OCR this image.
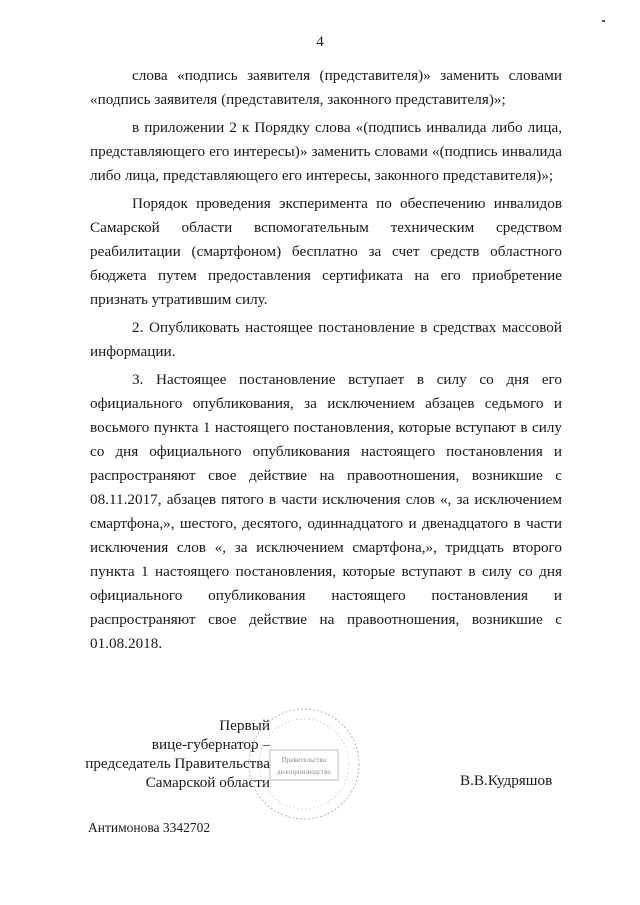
4

слова «подпись заявителя (представителя)» заменить словами «подпись заявителя (представителя, законного представителя)»;

в приложении 2 к Порядку слова «(подпись инвалида либо лица, представляющего его интересы)» заменить словами «(подпись инвалида либо лица, представляющего его интересы, законного представителя)»;

Порядок проведения эксперимента по обеспечению инвалидов Самарской области вспомогательным техническим средством реабилитации (смартфоном) бесплатно за счет средств областного бюджета путем предоставления сертификата на его приобретение признать утратившим силу.

2. Опубликовать настоящее постановление в средствах массовой информации.

3. Настоящее постановление вступает в силу со дня его официального опубликования, за исключением абзацев седьмого и восьмого пункта 1 настоящего постановления, которые вступают в силу со дня официального опубликования настоящего постановления и распространяют свое действие на правоотношения, возникшие с 08.11.2017, абзацев пятого в части исключения слов «, за исключением смартфона,», шестого, десятого, одиннадцатого и двенадцатого в части исключения слов «, за исключением смартфона,», тридцать второго пункта 1 настоящего постановления, которые вступают в силу со дня официального опубликования настоящего постановления и распространяют свое действие на правоотношения, возникшие с 01.08.2018.

Первый
вице-губернатор –
председатель Правительства
Самарской области
Правительство
делопроизводство	В.В.Кудряшов
Антимонова 3342702
